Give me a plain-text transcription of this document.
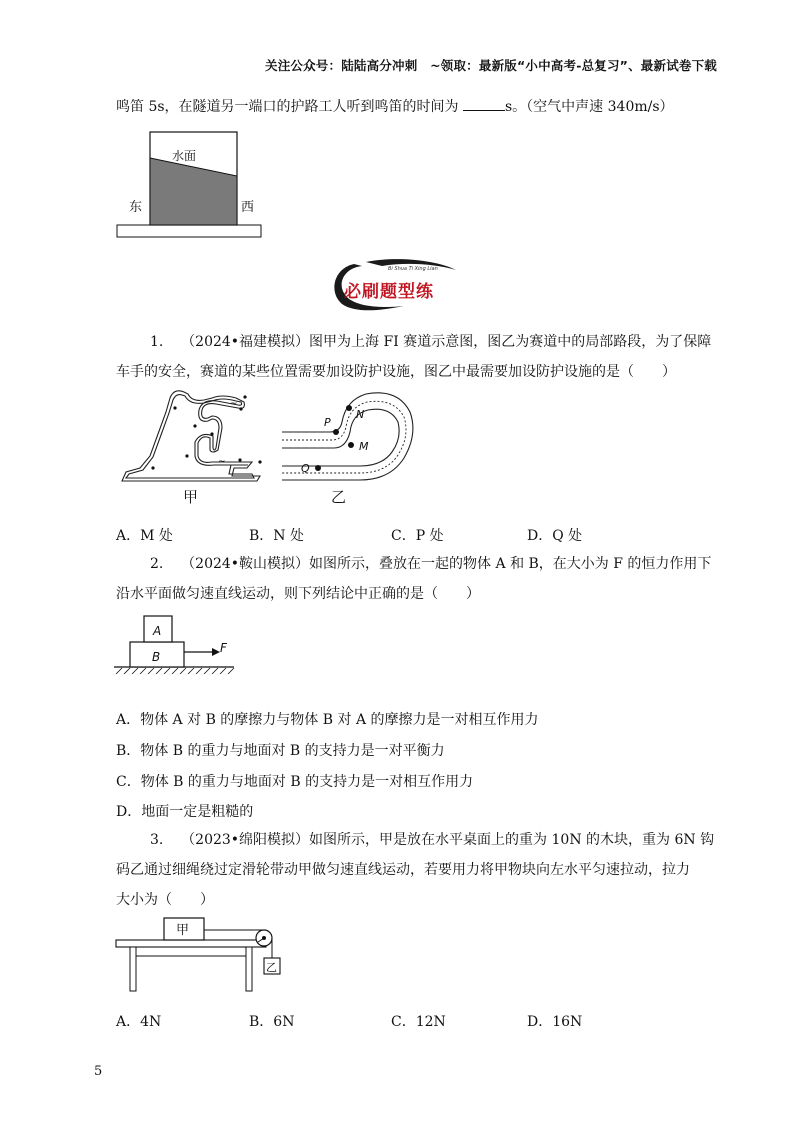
关注公众号：陆陆高分冲刺　~领取：最新版“小中高考-总复习”、最新试卷下载
鸣笛 5s，在隧道另一端口的护路工人听到鸣笛的时间为	s。（空气中声速 340m/s）
水面
东	西
Bi Shua Ti Xing Lian
必刷题型练
1. （2024•福建模拟）图甲为上海 FI 赛道示意图，图乙为赛道中的局部路段，为了保障
车手的安全，赛道的某些位置需要加设防护设施，图乙中最需要加设防护设施的是（　　）
~
~
甲
P
N
M
Q
乙
A．M 处	B．N 处	C．P 处	D．Q 处
2. （2024•鞍山模拟）如图所示，叠放在一起的物体 A 和 B，在大小为 F 的恒力作用下
沿水平面做匀速直线运动，则下列结论中正确的是（　　）
A
B
F
A．物体 A 对 B 的摩擦力与物体 B 对 A 的摩擦力是一对相互作用力
B．物体 B 的重力与地面对 B 的支持力是一对平衡力
C．物体 B 的重力与地面对 B 的支持力是一对相互作用力
D．地面一定是粗糙的
3. （2023•绵阳模拟）如图所示，甲是放在水平桌面上的重为 10N 的木块，重为 6N 钩
码乙通过细绳绕过定滑轮带动甲做匀速直线运动，若要用力将甲物块向左水平匀速拉动，拉力
大小为（　　）
甲
乙
A．4N	B．6N	C．12N	D．16N
5
